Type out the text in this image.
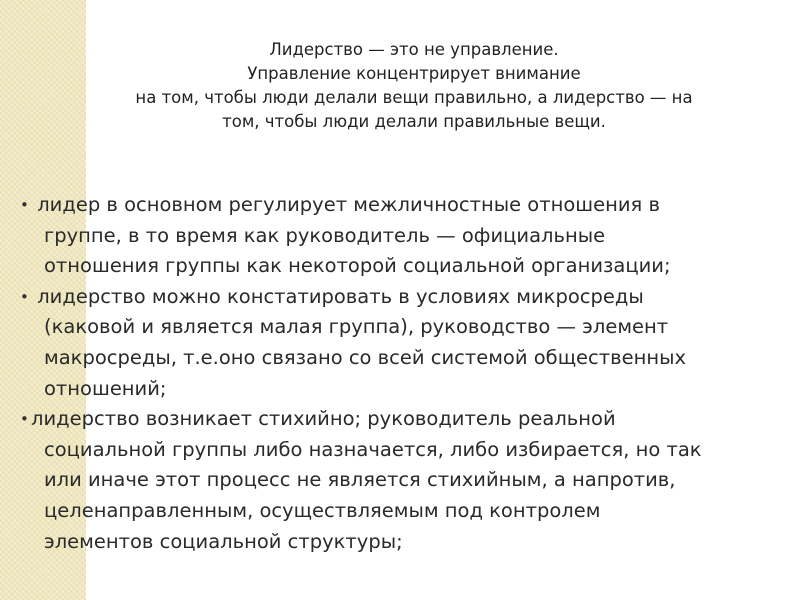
Лидерство — это не управление.
Управление концентрирует внимание
на том, чтобы люди делали вещи правильно, а лидерство — на
том, чтобы люди делали правильные вещи.
• лидер в основном регулирует межличностные отношения в
группе, в то время как руководитель — официальные
отношения группы как некоторой социальной организации;
• лидерство можно констатировать в условиях микросреды
(каковой и является малая группа), руководство — элемент
макросреды, т.е.оно связано со всей системой общественных
отношений;
• лидерство возникает стихийно; руководитель реальной
социальной группы либо назначается, либо избирается, но так
или иначе этот процесс не является стихийным, а напротив,
целенаправленным, осуществляемым под контролем
элементов социальной структуры;
